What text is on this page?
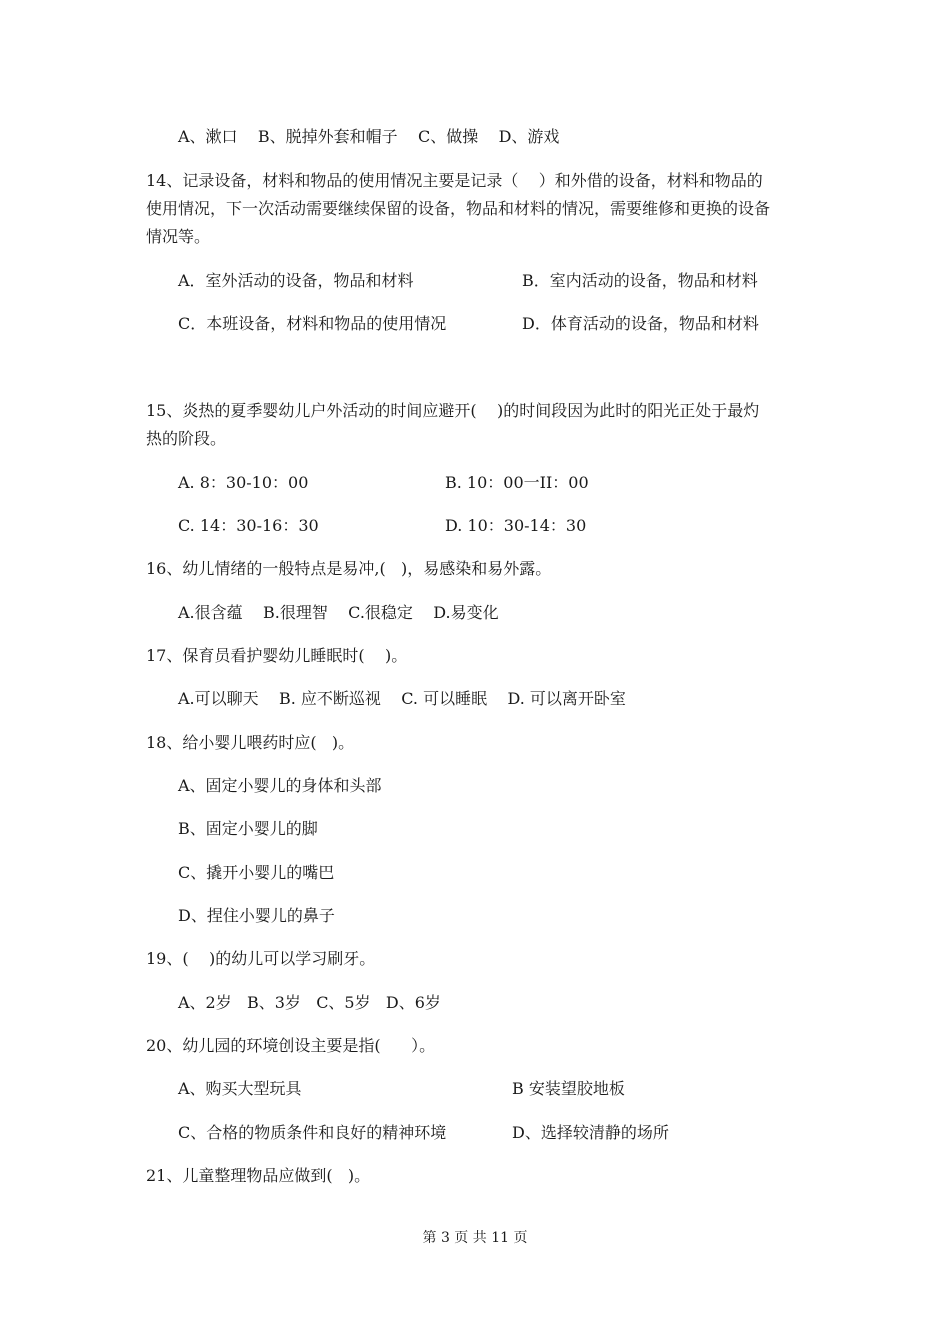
A、漱口    B、脱掉外套和帽子    C、做操    D、游戏
14、记录设备，材料和物品的使用情况主要是记录（    ）和外借的设备，材料和物品的
使用情况，下一次活动需要继续保留的设备，物品和材料的情况，需要维修和更换的设备
情况等。
A．室外活动的设备，物品和材料	B．室内活动的设备，物品和材料
C．本班设备，材料和物品的使用情况	D．体育活动的设备，物品和材料
15、炎热的夏季婴幼儿户外活动的时间应避开(    )的时间段因为此时的阳光正处于最灼
热的阶段。
A. 8：30-10：00	B. 10：00一II：00
C. 14：30-16：30	D. 10：30-14：30
16、幼儿情绪的一般特点是易冲,(   )，易感染和易外露。
A.很含蕴    B.很理智    C.很稳定    D.易变化
17、保育员看护婴幼儿睡眠时(    )。
A.可以聊天    B. 应不断巡视    C. 可以睡眠    D. 可以离开卧室
18、给小婴儿喂药时应(   )。
A、固定小婴儿的身体和头部
B、固定小婴儿的脚
C、撬开小婴儿的嘴巴
D、捏住小婴儿的鼻子
19、(    )的幼儿可以学习刷牙。
A、2岁   B、3岁   C、5岁   D、6岁
20、幼儿园的环境创设主要是指(      ）。
A、购买大型玩具	B 安装望胶地板
C、合格的物质条件和良好的精神环境	D、选择较清静的场所
21、儿童整理物品应做到(   )。
第 3 页 共 11 页
